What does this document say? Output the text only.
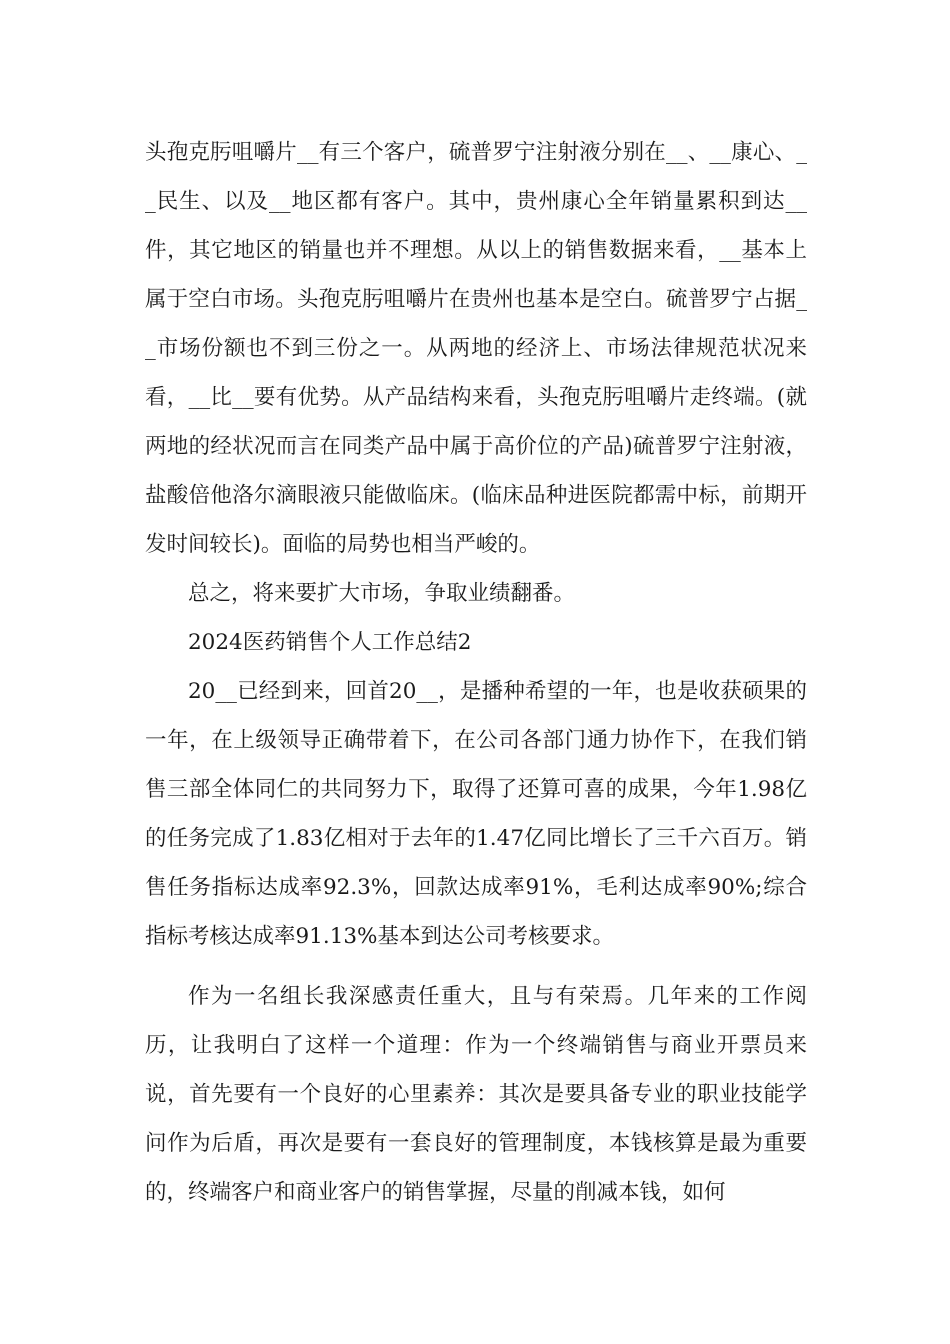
头孢克肟咀嚼片__有三个客户，硫普罗宁注射液分别在__、__康心、__民生、以及__地区都有客户。其中，贵州康心全年销量累积到达__件，其它地区的销量也并不理想。从以上的销售数据来看，__基本上属于空白市场。头孢克肟咀嚼片在贵州也基本是空白。硫普罗宁占据__市场份额也不到三份之一。从两地的经济上、市场法律规范状况来看，__比__要有优势。从产品结构来看，头孢克肟咀嚼片走终端。(就两地的经状况而言在同类产品中属于高价位的产品)硫普罗宁注射液，盐酸倍他洛尔滴眼液只能做临床。(临床品种进医院都需中标，前期开发时间较长)。面临的局势也相当严峻的。

总之，将来要扩大市场，争取业绩翻番。

2024医药销售个人工作总结2

20__已经到来，回首20__，是播种希望的一年，也是收获硕果的一年，在上级领导正确带着下，在公司各部门通力协作下，在我们销售三部全体同仁的共同努力下，取得了还算可喜的成果，今年1.98亿的任务完成了1.83亿相对于去年的1.47亿同比增长了三千六百万。销售任务指标达成率92.3%，回款达成率91%，毛利达成率90%;综合指标考核达成率91.13%基本到达公司考核要求。

作为一名组长我深感责任重大，且与有荣焉。几年来的工作阅历，让我明白了这样一个道理：作为一个终端销售与商业开票员来说，首先要有一个良好的心里素养：其次是要具备专业的职业技能学问作为后盾，再次是要有一套良好的管理制度，本钱核算是最为重要的，终端客户和商业客户的销售掌握，尽量的削减本钱，如何
